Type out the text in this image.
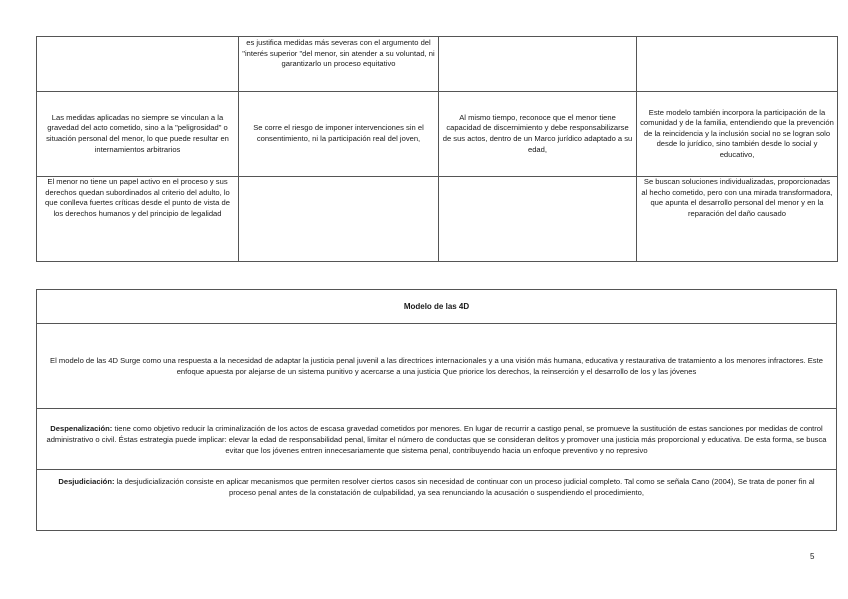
	es justifica medidas más severas con el argumento del "interés superior "del menor, sin atender a su voluntad, ni garantizarlo un proceso equitativo		
Las medidas aplicadas no siempre se vinculan a la gravedad del acto cometido, sino a la "peligrosidad" o situación personal del menor, lo que puede resultar en internamientos arbitrarios	Se corre el riesgo de imponer intervenciones sin el consentimiento, ni la participación real del joven,	Al mismo tiempo, reconoce que el menor tiene capacidad de discernimiento y debe responsabilizarse de sus actos, dentro de un Marco jurídico adaptado a su edad,	Este modelo también incorpora la participación de la comunidad y de la familia, entendiendo que la prevención de la reincidencia y la inclusión social no se logran solo desde lo jurídico, sino también desde lo social y educativo,
El menor no tiene un papel activo en el proceso y sus derechos quedan subordinados al criterio del adulto, lo que conlleva fuertes críticas desde el punto de vista de los derechos humanos y del principio de legalidad			Se buscan soluciones individualizadas, proporcionadas al hecho cometido, pero con una mirada transformadora, que apunta el desarrollo personal del menor y en la reparación del daño causado
Modelo de las 4D
El modelo de las 4D Surge como una respuesta a la necesidad de adaptar la justicia penal juvenil a las directrices internacionales y a una visión más humana, educativa y restaurativa de tratamiento a los menores infractores. Este enfoque apuesta por alejarse de un sistema punitivo y acercarse a una justicia Que priorice los derechos, la reinserción y el desarrollo de los y las jóvenes
Despenalización: tiene como objetivo reducir la criminalización de los actos de escasa gravedad cometidos por menores. En lugar de recurrir a castigo penal, se promueve la sustitución de estas sanciones por medidas de control administrativo o civil. Éstas estrategia puede implicar: elevar la edad de responsabilidad penal, limitar el número de conductas que se consideran delitos y promover una justicia más proporcional y educativa. De esta forma, se busca evitar que los jóvenes entren innecesariamente que sistema penal, contribuyendo hacia un enfoque preventivo y no represivo
Desjudiciación: la desjudicialización consiste en aplicar mecanismos que permiten resolver ciertos casos sin necesidad de continuar con un proceso judicial completo. Tal como se señala Cano (2004), Se trata de poner fin al proceso penal antes de la constatación de culpabilidad, ya sea renunciando la acusación o suspendiendo el procedimiento,
5
